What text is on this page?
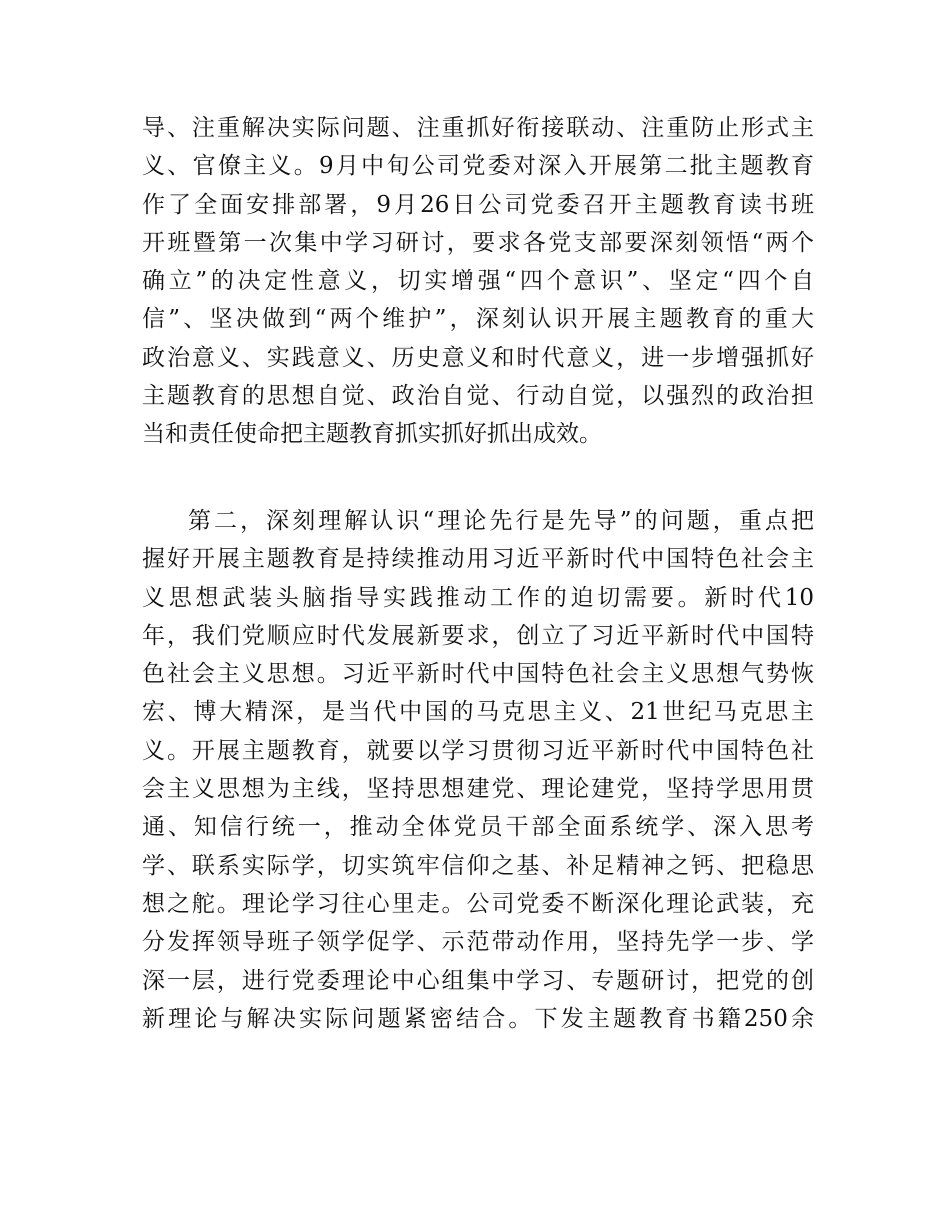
导、注重解决实际问题、注重抓好衔接联动、注重防止形式主
义、官僚主义。9月中旬公司党委对深入开展第二批主题教育
作了全面安排部署，9月26日公司党委召开主题教育读书班
开班暨第一次集中学习研讨，要求各党支部要深刻领悟“两个
确立”的决定性意义，切实增强“四个意识”、坚定“四个自
信”、坚决做到“两个维护”，深刻认识开展主题教育的重大
政治意义、实践意义、历史意义和时代意义，进一步增强抓好
主题教育的思想自觉、政治自觉、行动自觉，以强烈的政治担
当和责任使命把主题教育抓实抓好抓出成效。
第二，深刻理解认识“理论先行是先导”的问题，重点把
握好开展主题教育是持续推动用习近平新时代中国特色社会主
义思想武装头脑指导实践推动工作的迫切需要。新时代10
年，我们党顺应时代发展新要求，创立了习近平新时代中国特
色社会主义思想。习近平新时代中国特色社会主义思想气势恢
宏、博大精深，是当代中国的马克思主义、21世纪马克思主
义。开展主题教育，就要以学习贯彻习近平新时代中国特色社
会主义思想为主线，坚持思想建党、理论建党，坚持学思用贯
通、知信行统一，推动全体党员干部全面系统学、深入思考
学、联系实际学，切实筑牢信仰之基、补足精神之钙、把稳思
想之舵。理论学习往心里走。公司党委不断深化理论武装，充
分发挥领导班子领学促学、示范带动作用，坚持先学一步、学
深一层，进行党委理论中心组集中学习、专题研讨，把党的创
新理论与解决实际问题紧密结合。下发主题教育书籍250余
